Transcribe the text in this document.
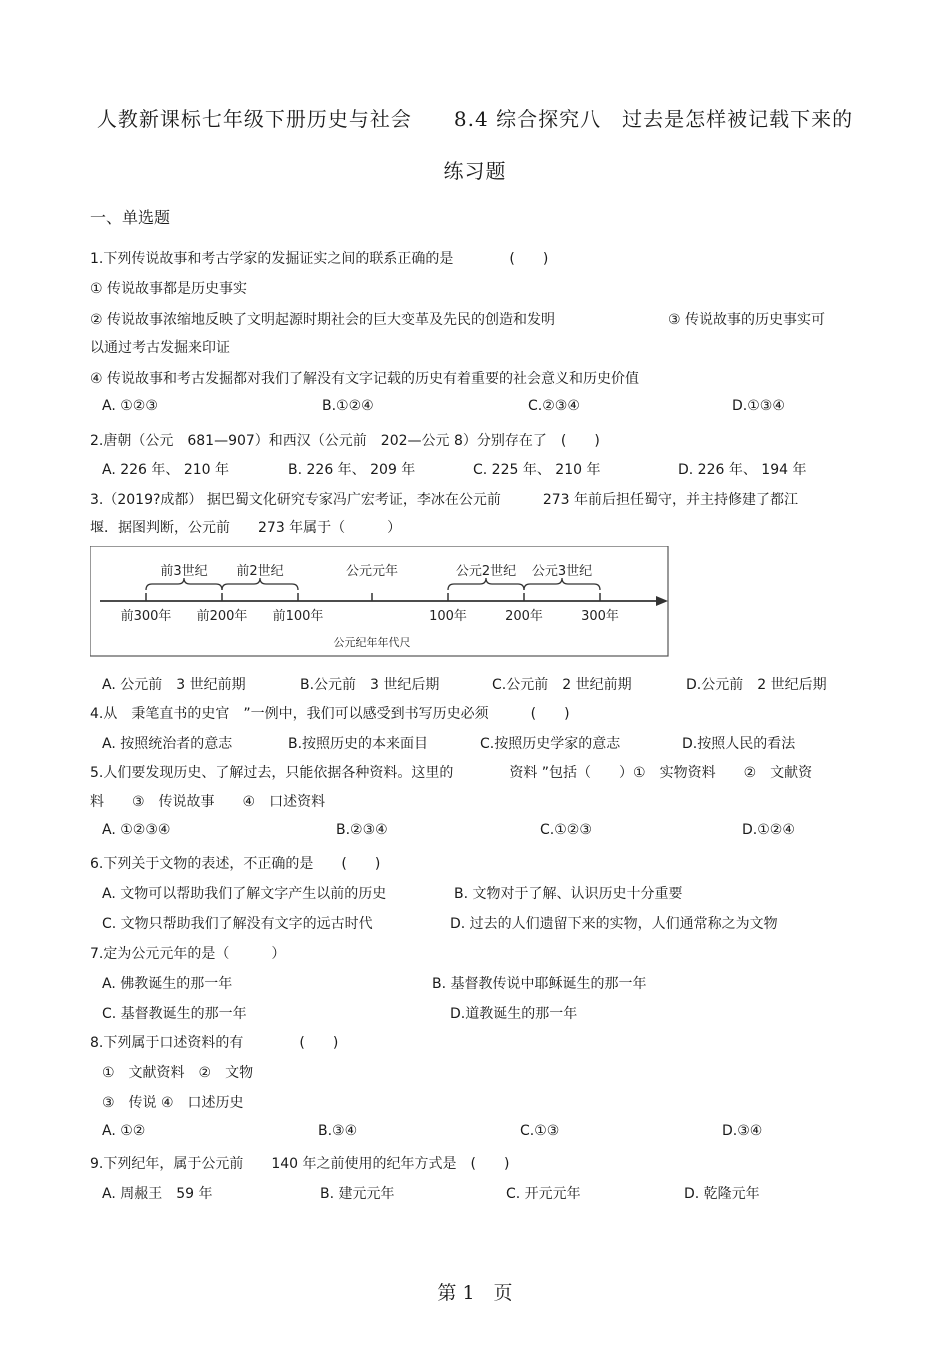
人教新课标七年级下册历史与社会　　8.4 综合探究八　过去是怎样被记载下来的
练习题
一、单选题
1.下列传说故事和考古学家的发掘证实之间的联系正确的是　　　　(　　)
① 传说故事都是历史事实
② 传说故事浓缩地反映了文明起源时期社会的巨大变革及先民的创造和发明	③ 传说故事的历史事实可
以通过考古发掘来印证
④ 传说故事和考古发掘都对我们了解没有文字记载的历史有着重要的社会意义和历史价值
A. ①②③	B.①②④	C.②③④	D.①③④
2.唐朝（公元　681—907）和西汉（公元前　202—公元 8）分别存在了　(　　)
A. 226 年、 210 年	B. 226 年、 209 年	C. 225 年、 210 年	D. 226 年、 194 年
3.（2019?成都） 据巴蜀文化研究专家冯广宏考证，李冰在公元前　　　273 年前后担任蜀守，并主持修建了都江
堰．据图判断，公元前　　273 年属于（　　　）
前3世纪 前2世纪	公元2世纪 公元3世纪
公元元年
前300年 前200年 前100年	100年	200年	300年
公元纪年年代尺
A. 公元前　3 世纪前期	B.公元前　3 世纪后期	C.公元前　2 世纪前期	D.公元前　2 世纪后期
4.从　秉笔直书的史官　”一例中，我们可以感受到书写历史必须　　　(　　)
A. 按照统治者的意志	B.按照历史的本来面目	C.按照历史学家的意志	D.按照人民的看法
5.人们要发现历史、了解过去，只能依据各种资料。这里的　　　　资料 ”包括（　　）①　实物资料　　②　文献资
料　　③　传说故事　　④　口述资料
A. ①②③④	B.②③④	C.①②③	D.①②④
6.下列关于文物的表述，不正确的是　　(　　)
A. 文物可以帮助我们了解文字产生以前的历史	B. 文物对于了解、认识历史十分重要
C. 文物只帮助我们了解没有文字的远古时代	D. 过去的人们遗留下来的实物，人们通常称之为文物
7.定为公元元年的是（　　　）
A. 佛教诞生的那一年	B. 基督教传说中耶稣诞生的那一年
C. 基督教诞生的那一年	D.道教诞生的那一年
8.下列属于口述资料的有　　　　(　　)
①　文献资料　②　文物
③　传说 ④　口述历史
A. ①②	B.③④	C.①③	D.③④
9.下列纪年，属于公元前　　140 年之前使用的纪年方式是　(　　)
A. 周赧王　59 年	B. 建元元年	C. 开元元年	D. 乾隆元年
第 1　页
